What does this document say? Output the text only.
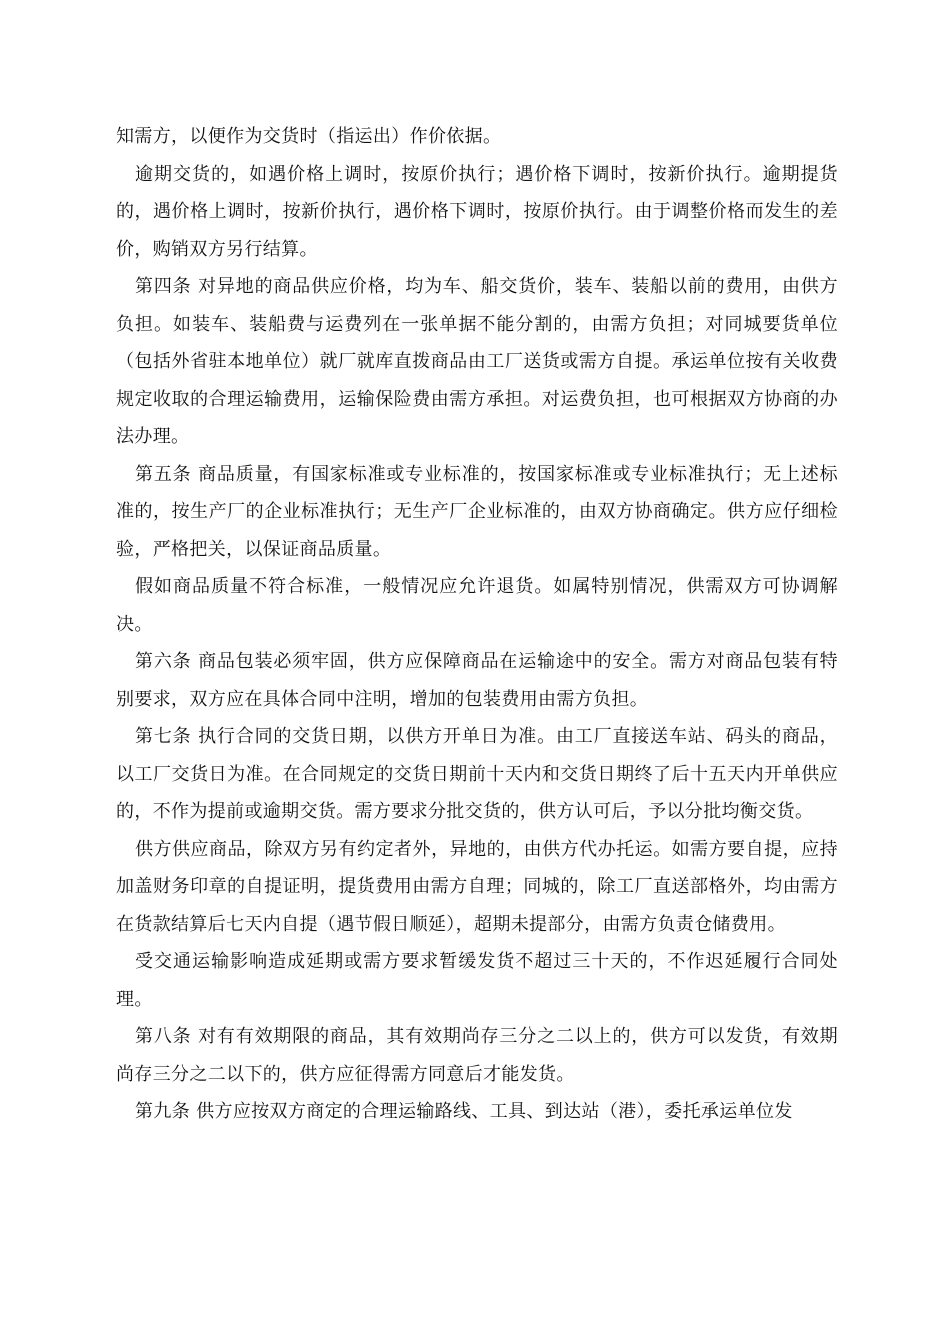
知需方，以便作为交货时（指运出）作价依据。

逾期交货的，如遇价格上调时，按原价执行；遇价格下调时，按新价执行。逾期提货的，遇价格上调时，按新价执行，遇价格下调时，按原价执行。由于调整价格而发生的差价，购销双方另行结算。

第四条 对异地的商品供应价格，均为车、船交货价，装车、装船以前的费用，由供方负担。如装车、装船费与运费列在一张单据不能分割的，由需方负担；对同城要货单位（包括外省驻本地单位）就厂就库直拨商品由工厂送货或需方自提。承运单位按有关收费规定收取的合理运输费用，运输保险费由需方承担。对运费负担，也可根据双方协商的办法办理。

第五条 商品质量，有国家标准或专业标准的，按国家标准或专业标准执行；无上述标准的，按生产厂的企业标准执行；无生产厂企业标准的，由双方协商确定。供方应仔细检验，严格把关，以保证商品质量。

假如商品质量不符合标准，一般情况应允许退货。如属特别情况，供需双方可协调解决。

第六条 商品包装必须牢固，供方应保障商品在运输途中的安全。需方对商品包装有特别要求，双方应在具体合同中注明，增加的包装费用由需方负担。

第七条 执行合同的交货日期，以供方开单日为准。由工厂直接送车站、码头的商品，以工厂交货日为准。在合同规定的交货日期前十天内和交货日期终了后十五天内开单供应的，不作为提前或逾期交货。需方要求分批交货的，供方认可后，予以分批均衡交货。

供方供应商品，除双方另有约定者外，异地的，由供方代办托运。如需方要自提，应持加盖财务印章的自提证明，提货费用由需方自理；同城的，除工厂直送部格外，均由需方在货款结算后七天内自提（遇节假日顺延），超期未提部分，由需方负责仓储费用。

受交通运输影响造成延期或需方要求暂缓发货不超过三十天的，不作迟延履行合同处理。

第八条 对有有效期限的商品，其有效期尚存三分之二以上的，供方可以发货，有效期尚存三分之二以下的，供方应征得需方同意后才能发货。

第九条 供方应按双方商定的合理运输路线、工具、到达站（港），委托承运单位发
